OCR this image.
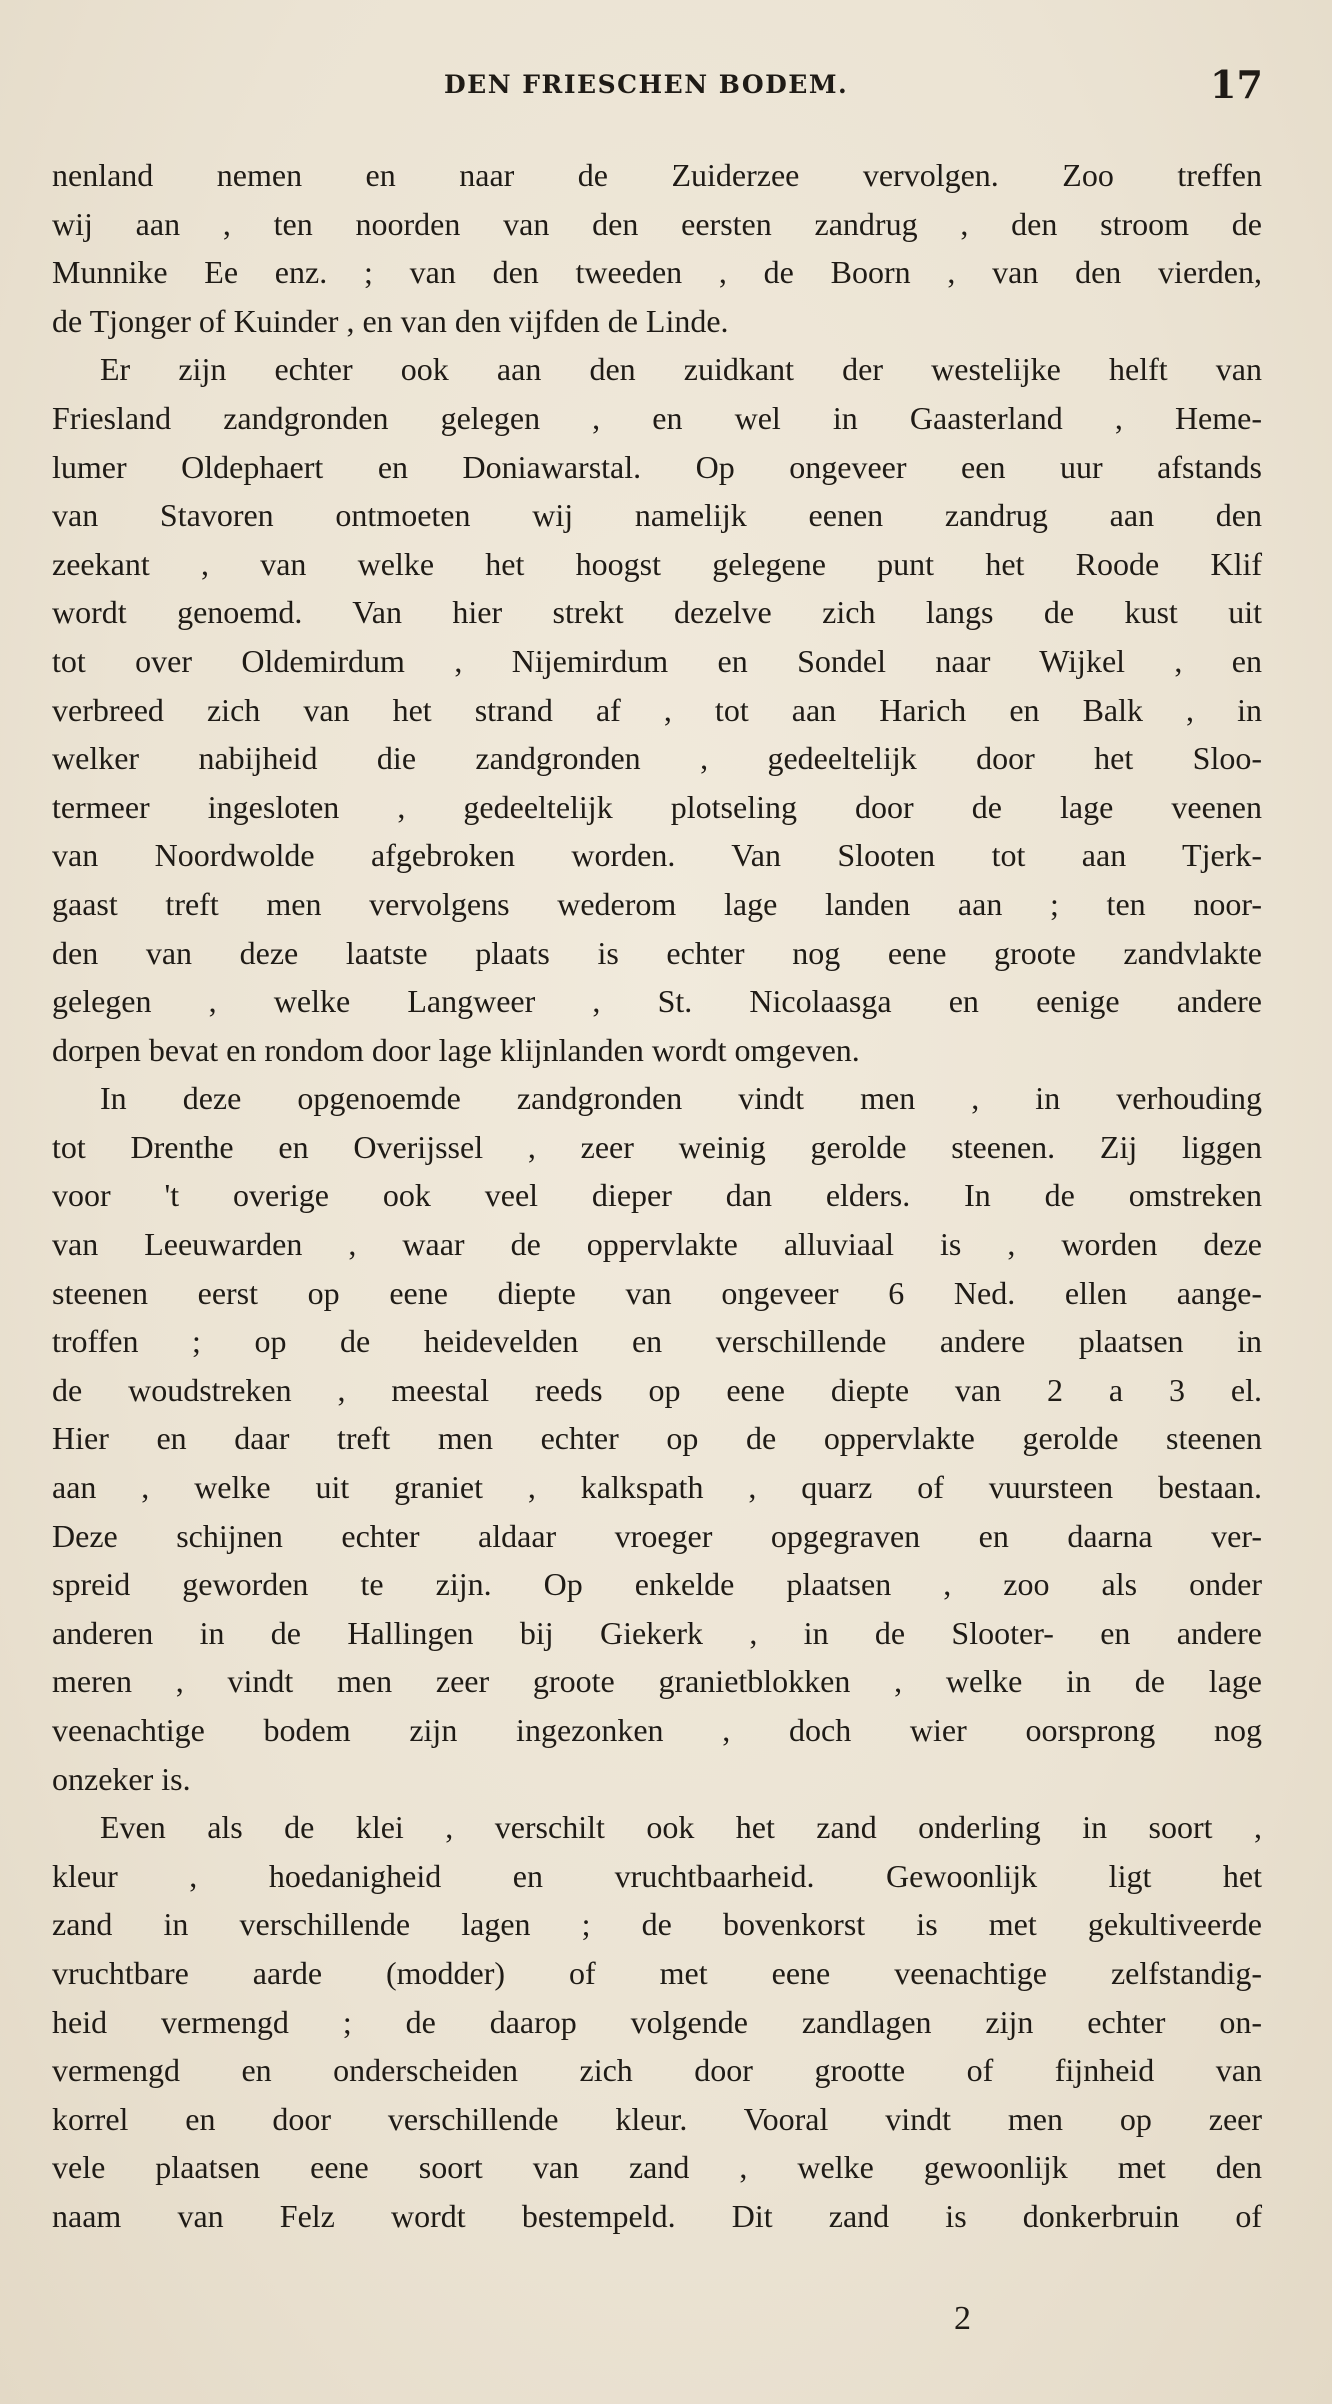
DEN FRIESCHEN BODEM.	17
nenland nemen en naar de Zuiderzee vervolgen. Zoo treffen
wij aan , ten noorden van den eersten zandrug , den stroom de
Munnike Ee enz. ; van den tweeden , de Boorn , van den vierden,
de Tjonger of Kuinder , en van den vijfden de Linde.
Er zijn echter ook aan den zuidkant der westelijke helft van
Friesland zandgronden gelegen , en wel in Gaasterland , Heme-
lumer Oldephaert en Doniawarstal. Op ongeveer een uur afstands
van Stavoren ontmoeten wij namelijk eenen zandrug aan den
zeekant , van welke het hoogst gelegene punt het Roode Klif
wordt genoemd. Van hier strekt dezelve zich langs de kust uit
tot over Oldemirdum , Nijemirdum en Sondel naar Wijkel , en
verbreed zich van het strand af , tot aan Harich en Balk , in
welker nabijheid die zandgronden , gedeeltelijk door het Sloo-
termeer ingesloten , gedeeltelijk plotseling door de lage veenen
van Noordwolde afgebroken worden. Van Slooten tot aan Tjerk-
gaast treft men vervolgens wederom lage landen aan ; ten noor-
den van deze laatste plaats is echter nog eene groote zandvlakte
gelegen , welke Langweer , St. Nicolaasga en eenige andere
dorpen bevat en rondom door lage klijnlanden wordt omgeven.
In deze opgenoemde zandgronden vindt men , in verhouding
tot Drenthe en Overijssel , zeer weinig gerolde steenen. Zij liggen
voor 't overige ook veel dieper dan elders. In de omstreken
van Leeuwarden , waar de oppervlakte alluviaal is , worden deze
steenen eerst op eene diepte van ongeveer 6 Ned. ellen aange-
troffen ; op de heidevelden en verschillende andere plaatsen in
de woudstreken , meestal reeds op eene diepte van 2 a 3 el.
Hier en daar treft men echter op de oppervlakte gerolde steenen
aan , welke uit graniet , kalkspath , quarz of vuursteen bestaan.
Deze schijnen echter aldaar vroeger opgegraven en daarna ver-
spreid geworden te zijn. Op enkelde plaatsen , zoo als onder
anderen in de Hallingen bij Giekerk , in de Slooter- en andere
meren , vindt men zeer groote granietblokken , welke in de lage
veenachtige bodem zijn ingezonken , doch wier oorsprong nog
onzeker is.
Even als de klei , verschilt ook het zand onderling in soort ,
kleur , hoedanigheid en vruchtbaarheid. Gewoonlijk ligt het
zand in verschillende lagen ; de bovenkorst is met gekultiveerde
vruchtbare aarde (modder) of met eene veenachtige zelfstandig-
heid vermengd ; de daarop volgende zandlagen zijn echter on-
vermengd en onderscheiden zich door grootte of fijnheid van
korrel en door verschillende kleur. Vooral vindt men op zeer
vele plaatsen eene soort van zand , welke gewoonlijk met den
naam van Felz wordt bestempeld. Dit zand is donkerbruin of
2
